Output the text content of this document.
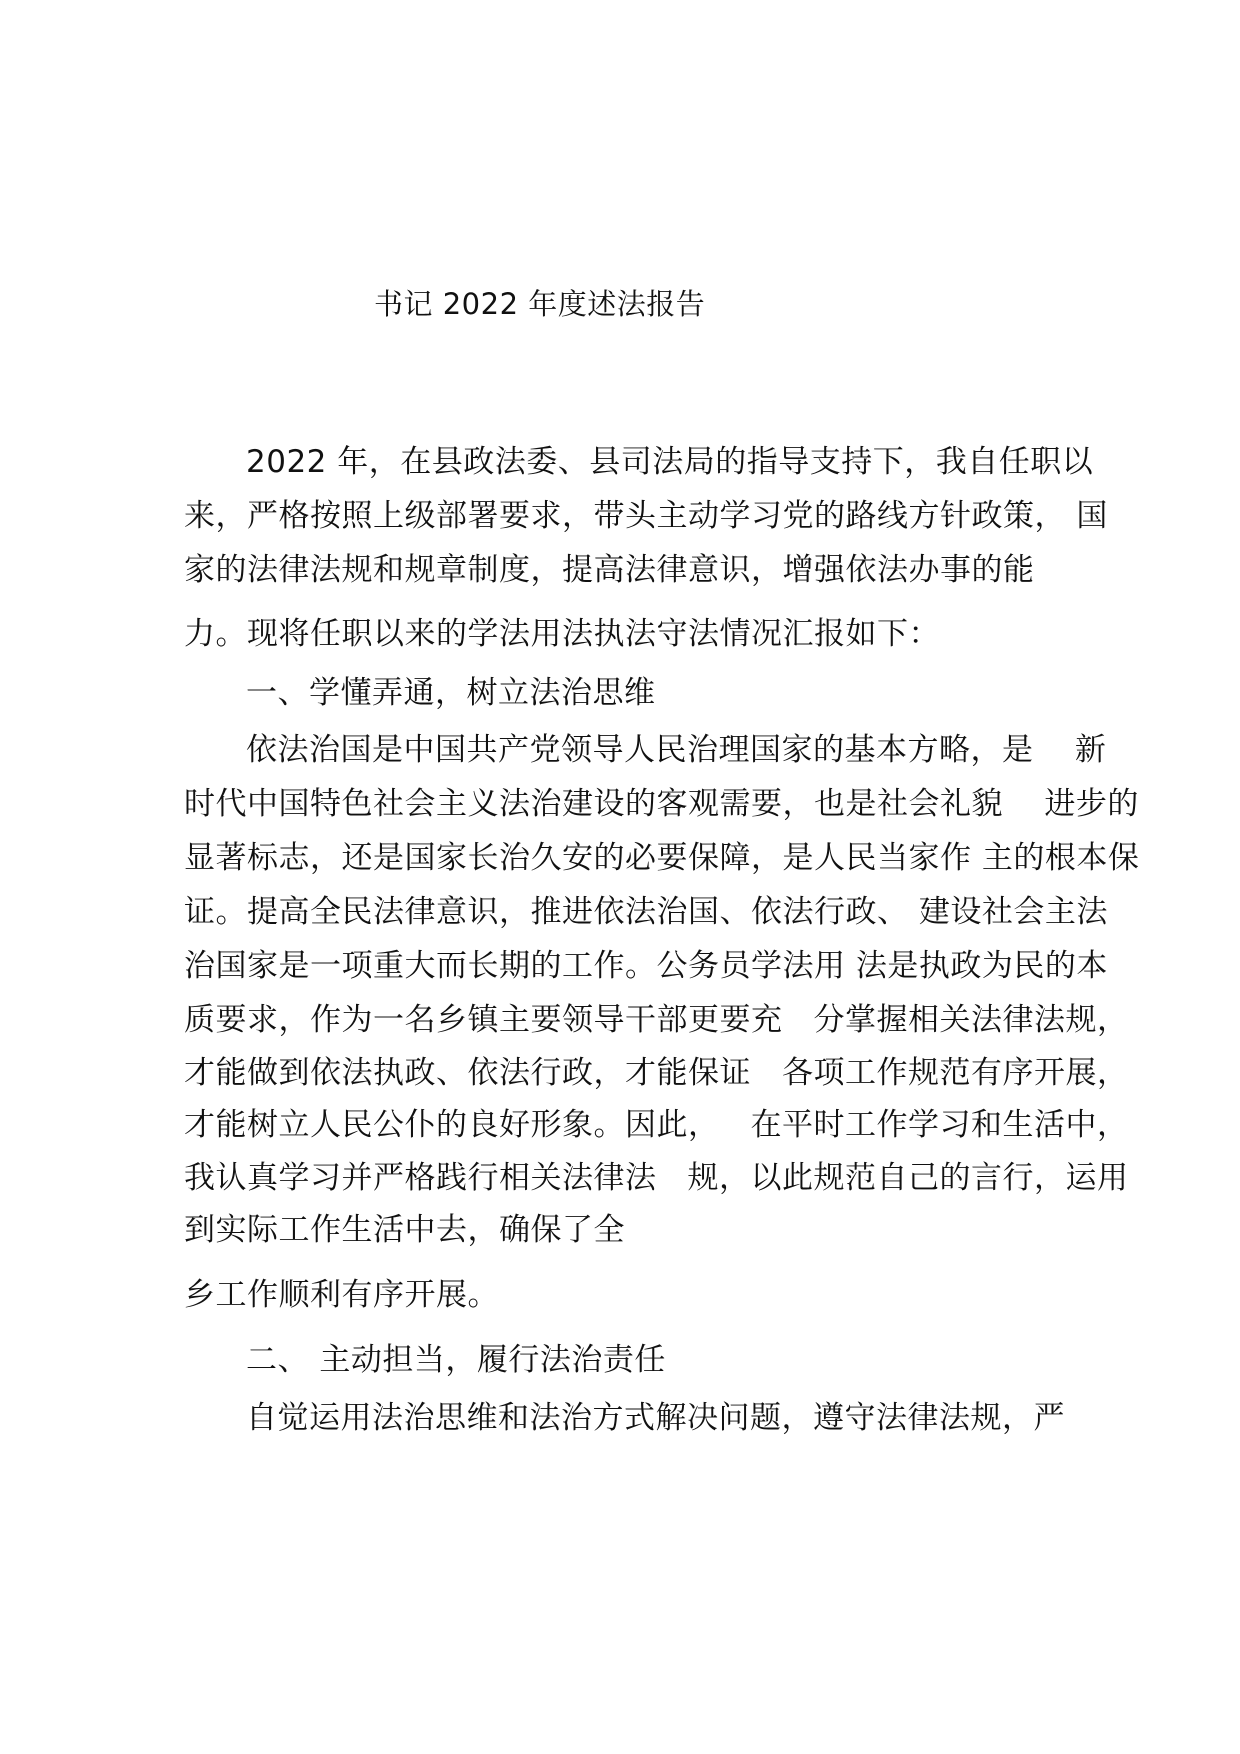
书记 2022 年度述法报告
2022 年，在县政法委、县司法局的指导支持下，我自任职以
来，严格按照上级部署要求，带头主动学习党的路线方针政策， 国
家的法律法规和规章制度，提高法律意识，增强依法办事的能
力。现将任职以来的学法用法执法守法情况汇报如下：
一、学懂弄通，树立法治思维
依法治国是中国共产党领导人民治理国家的基本方略，是    新
时代中国特色社会主义法治建设的客观需要，也是社会礼貌    进步的
显著标志，还是国家长治久安的必要保障，是人民当家作 主的根本保
证。提高全民法律意识，推进依法治国、依法行政、 建设社会主法
治国家是一项重大而长期的工作。公务员学法用 法是执政为民的本
质要求，作为一名乡镇主要领导干部更要充   分掌握相关法律法规，
才能做到依法执政、依法行政，才能保证   各项工作规范有序开展，
才能树立人民公仆的良好形象。因此，   在平时工作学习和生活中，
我认真学习并严格践行相关法律法   规，以此规范自己的言行，运用
到实际工作生活中去，确保了全
乡工作顺利有序开展。
二、 主动担当，履行法治责任
自觉运用法治思维和法治方式解决问题，遵守法律法规，严
